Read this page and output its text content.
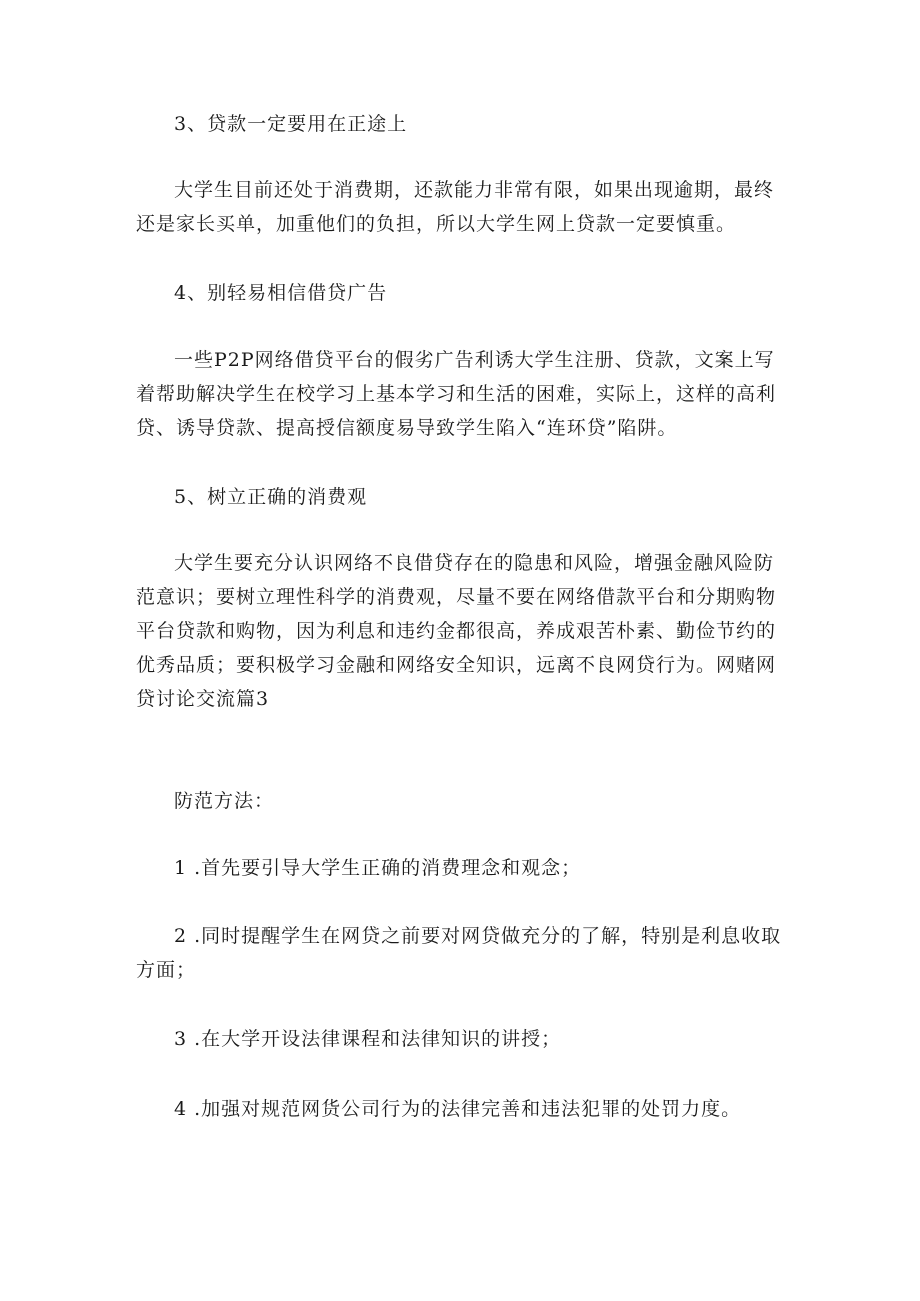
3、贷款一定要用在正途上

大学生目前还处于消费期，还款能力非常有限，如果出现逾期，最终还是家长买单，加重他们的负担，所以大学生网上贷款一定要慎重。

4、别轻易相信借贷广告

一些P2P网络借贷平台的假劣广告利诱大学生注册、贷款，文案上写着帮助解决学生在校学习上基本学习和生活的困难，实际上，这样的高利贷、诱导贷款、提高授信额度易导致学生陷入“连环贷”陷阱。

5、树立正确的消费观

大学生要充分认识网络不良借贷存在的隐患和风险，增强金融风险防范意识；要树立理性科学的消费观，尽量不要在网络借款平台和分期购物平台贷款和购物，因为利息和违约金都很高，养成艰苦朴素、勤俭节约的优秀品质；要积极学习金融和网络安全知识，远离不良网贷行为。网赌网贷讨论交流篇3

防范方法：

1 .首先要引导大学生正确的消费理念和观念；

2 .同时提醒学生在网贷之前要对网贷做充分的了解，特别是利息收取方面；

3 .在大学开设法律课程和法律知识的讲授；

4 .加强对规范网货公司行为的法律完善和违法犯罪的处罚力度。
